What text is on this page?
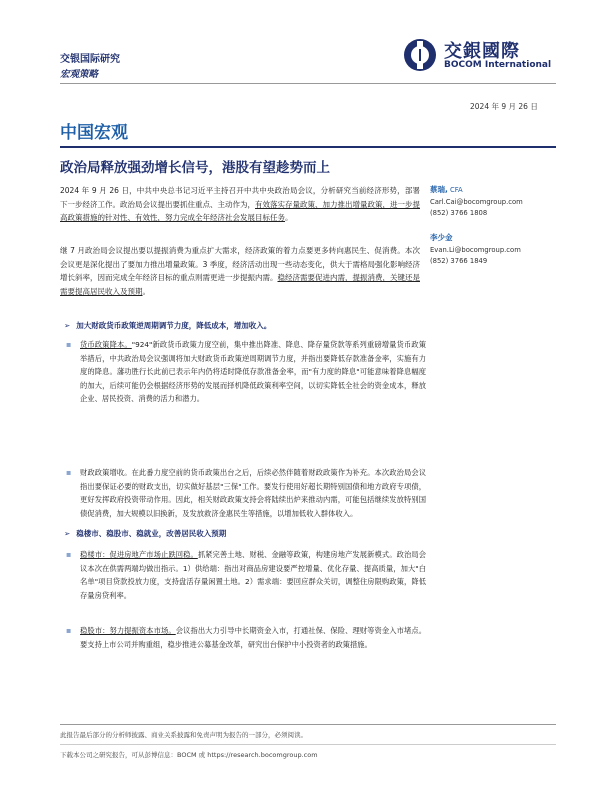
交银国际研究
宏观策略
交銀國際
BOCOM International
2024 年 9 月 26 日
中国宏观
政治局释放强劲增长信号，港股有望趁势而上
2024 年 9 月 26 日，中共中央总书记习近平主持召开中共中央政治局会议，分析研究当前经济形势，部署下一步经济工作。政治局会议提出要抓住重点、主动作为，有效落实存量政策、加力推出增量政策，进一步提高政策措施的针对性、有效性，努力完成全年经济社会发展目标任务。
继 7 月政治局会议提出要以提振消费为重点扩大需求，经济政策的着力点要更多转向惠民生、促消费。本次会议更是深化提出了要加力推出增量政策。3 季度，经济活动出现一些动态变化，供大于需格局强化影响经济增长斜率，因而完成全年经济目标的重点则需更进一步提振内需。稳经济需要促进内需，提振消费，关键还是需要提高居民收入及预期。
蔡瑞, CFA
Carl.Cai@bocomgroup.com
(852) 3766 1808
李少金
Evan.Li@bocomgroup.com
(852) 3766 1849
➢ 加大财政货币政策逆周期调节力度，降低成本，增加收入。
▪ 货币政策降本。"924"新政货币政策力度空前，集中推出降准、降息、降存量贷款等系列重磅增量货币政策举措后，中共政治局会议强调将加大财政货币政策逆周期调节力度，并指出要降低存款准备金率，实施有力度的降息。藩功胜行长此前已表示年内仍将适时降低存款准备金率，而"有力度的降息"可能意味着降息幅度的加大，后续可能仍会根据经济形势的发展而择机降低政策利率空间，以切实降低全社会的资金成本，释放企业、居民投资、消费的活力和潜力。
▪ 财政政策增收。在此番力度空前的货币政策出台之后，后续必然伴随着财政政策作为补充。本次政治局会议指出要保证必要的财政支出，切实做好基层"三保"工作。要发行使用好超长期特别国债和地方政府专项债，更好发挥政府投资带动作用。因此，相关财政政策支持会将陆续出炉来推动内需，可能包括继续发放特别国债促消费，加大规模以旧换新，及发放救济金惠民生等措施，以增加低收入群体收入。
➢ 稳楼市、稳股市、稳就业，改善居民收入预期
▪ 稳楼市：促进房地产市场止跌回稳。抓紧完善土地、财税、金融等政策，构建房地产发展新模式。政治局会议本次在供需两端均做出指示。1）供给端：指出对商品房建设要严控增量、优化存量、提高质量，加大"白名单"项目贷款投放力度，支持盘活存量闲置土地。2）需求端：要回应群众关切，调整住房限购政策，降低存量房贷利率。
▪ 稳股市：努力提振资本市场。会议指出大力引导中长期资金入市，打通社保、保险、理财等资金入市堵点。要支持上市公司并购重组，稳步推进公募基金改革，研究出台保护中小投资者的政策措施。
此报告最后部分的分析师披露、商业关系披露和免责声明为报告的一部分，必须阅读。
下载本公司之研究报告，可从彭博信息：BOCM 或 https://research.bocomgroup.com
